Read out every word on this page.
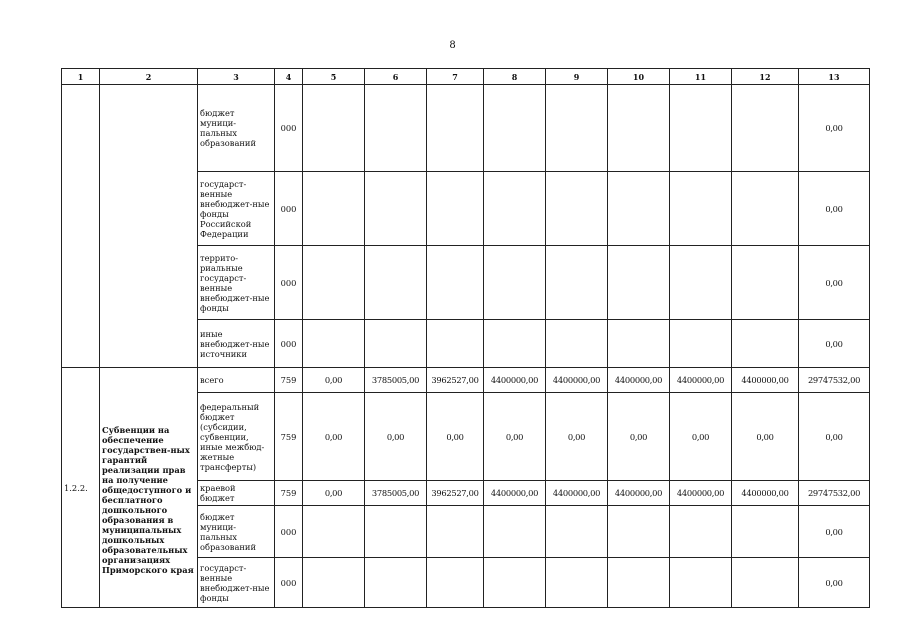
8
1	2	3	4	5	6	7	8	9	10	11	12	13
		бюджет муници-пальных образований	000									0,00
		государст-венные внебюджет-ные фонды Российской Федерации	000									0,00
		террито-риальные государст-венные внебюджет-ные фонды	000									0,00
		иные внебюджет-ные источники	000									0,00
1.2.2.		всего	759	0,00	3785005,00	3962527,00	4400000,00	4400000,00	4400000,00	4400000,00	4400000,00	29747532,00
	Субвенции на обеспечение государствен-ных гарантий реализации прав на получение общедоступного и бесплатного дошкольного образования в муниципальных дошкольных образовательных организациях Приморского края	федеральный бюджет (субсидии, субвенции, иные межбюд-жетные трансферты)	759	0,00	0,00	0,00	0,00	0,00	0,00	0,00	0,00	0,00
		краевой бюджет	759	0,00	3785005,00	3962527,00	4400000,00	4400000,00	4400000,00	4400000,00	4400000,00	29747532,00
		бюджет муници-пальных образований	000									0,00
		государст-венные внебюджет-ные фонды	000									0,00
